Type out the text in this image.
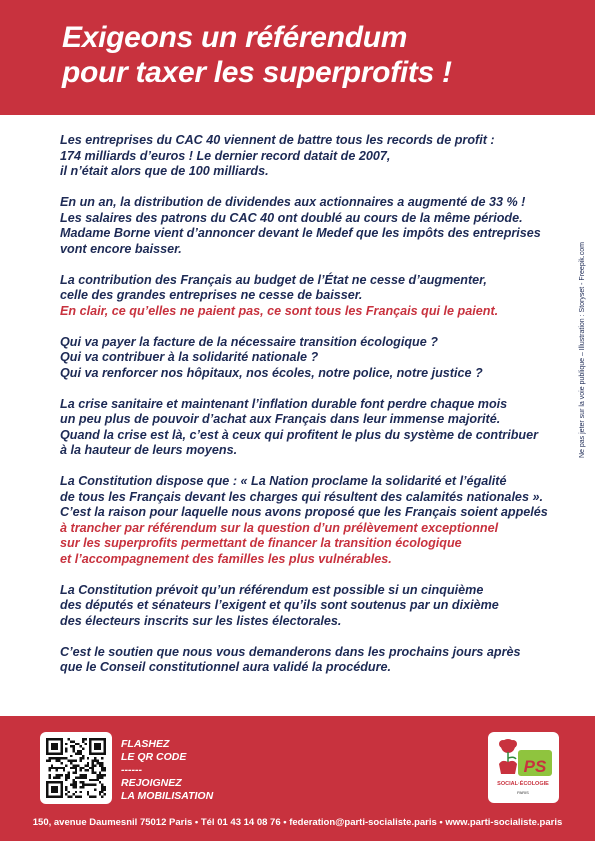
Exigeons un référendum
pour taxer les superprofits !

Les entreprises du CAC 40 viennent de battre tous les records de profit :
174 milliards d’euros ! Le dernier record datait de 2007,
il n’était alors que de 100 milliards.

En un an, la distribution de dividendes aux actionnaires a augmenté de 33 % !
Les salaires des patrons du CAC 40 ont doublé au cours de la même période.
Madame Borne vient d’annoncer devant le Medef que les impôts des entreprises
vont encore baisser.

La contribution des Français au budget de l’État ne cesse d’augmenter,
celle des grandes entreprises ne cesse de baisser.
En clair, ce qu’elles ne paient pas, ce sont tous les Français qui le paient.

Qui va payer la facture de la nécessaire transition écologique ?
Qui va contribuer à la solidarité nationale ?
Qui va renforcer nos hôpitaux, nos écoles, notre police, notre justice ?

La crise sanitaire et maintenant l’inflation durable font perdre chaque mois
un peu plus de pouvoir d’achat aux Français dans leur immense majorité.
Quand la crise est là, c’est à ceux qui profitent le plus du système de contribuer
à la hauteur de leurs moyens.

La Constitution dispose que : « La Nation proclame la solidarité et l’égalité
de tous les Français devant les charges qui résultent des calamités nationales ».
C’est la raison pour laquelle nous avons proposé que les Français soient appelés
à trancher par référendum sur la question d’un prélèvement exceptionnel
sur les superprofits permettant de financer la transition écologique
et l’accompagnement des familles les plus vulnérables.

La Constitution prévoit qu’un référendum est possible si un cinquième
des députés et sénateurs l’exigent et qu’ils sont soutenus par un dixième
des électeurs inscrits sur les listes électorales.

C’est le soutien que nous vous demanderons dans les prochains jours après
que le Conseil constitutionnel aura validé la procédure.

Ne pas jeter sur la voie publique – Illustration : Storyset - Freepik.com
FLASHEZ
LE QR CODE
------
REJOIGNEZ
LA MOBILISATION
PS
SOCIAL·ÉCOLOGIE
PARIS
150, avenue Daumesnil 75012 Paris • Tél 01 43 14 08 76 • federation@parti-socialiste.paris • www.parti-socialiste.paris
